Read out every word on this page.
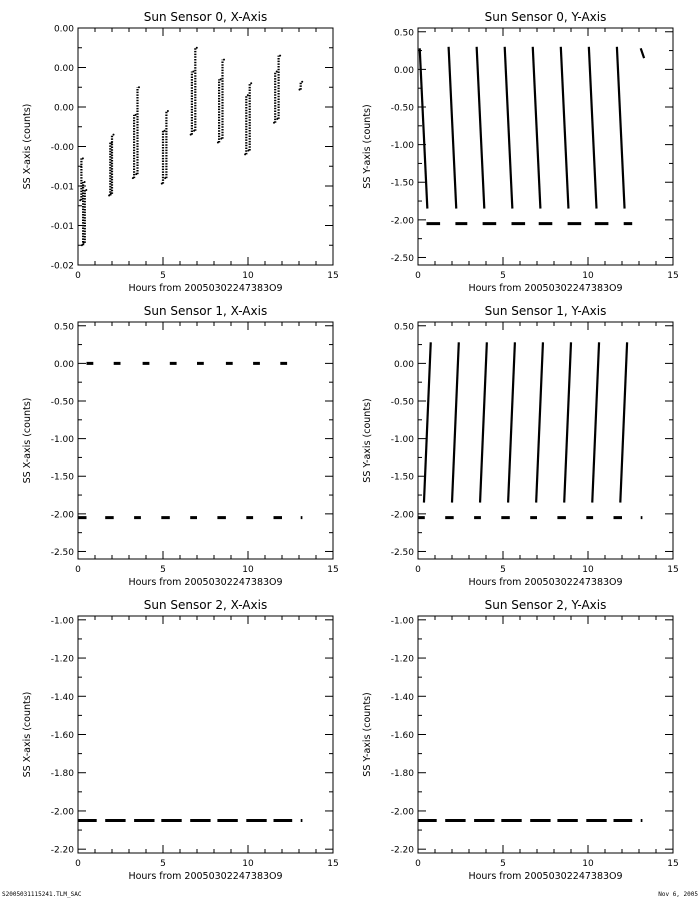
Sun Sensor 0, X-Axis
0	5	10	15
-0.02
-0.01
-0.01
-0.00
0.00
0.00
0.00
Hours from 20050302247383O9
SS X-axis (counts)
Sun Sensor 0, Y-Axis
0	5	10	15
-2.50
-2.00
-1.50
-1.00
-0.50
0.00
0.50
Hours from 20050302247383O9
SS Y-axis (counts)
Sun Sensor 1, X-Axis
0	5	10	15
-2.50
-2.00
-1.50
-1.00
-0.50
0.00
0.50
Hours from 20050302247383O9
SS X-axis (counts)
Sun Sensor 1, Y-Axis
0	5	10	15
-2.50
-2.00
-1.50
-1.00
-0.50
0.00
0.50
Hours from 20050302247383O9
SS Y-axis (counts)
Sun Sensor 2, X-Axis
0	5	10	15
-2.20
-2.00
-1.80
-1.60
-1.40
-1.20
-1.00
Hours from 20050302247383O9
SS X-axis (counts)
Sun Sensor 2, Y-Axis
0	5	10	15
-2.20
-2.00
-1.80
-1.60
-1.40
-1.20
-1.00
Hours from 20050302247383O9
SS Y-axis (counts)
S2005031115241.TLM_SAC	Nov 6, 2005
